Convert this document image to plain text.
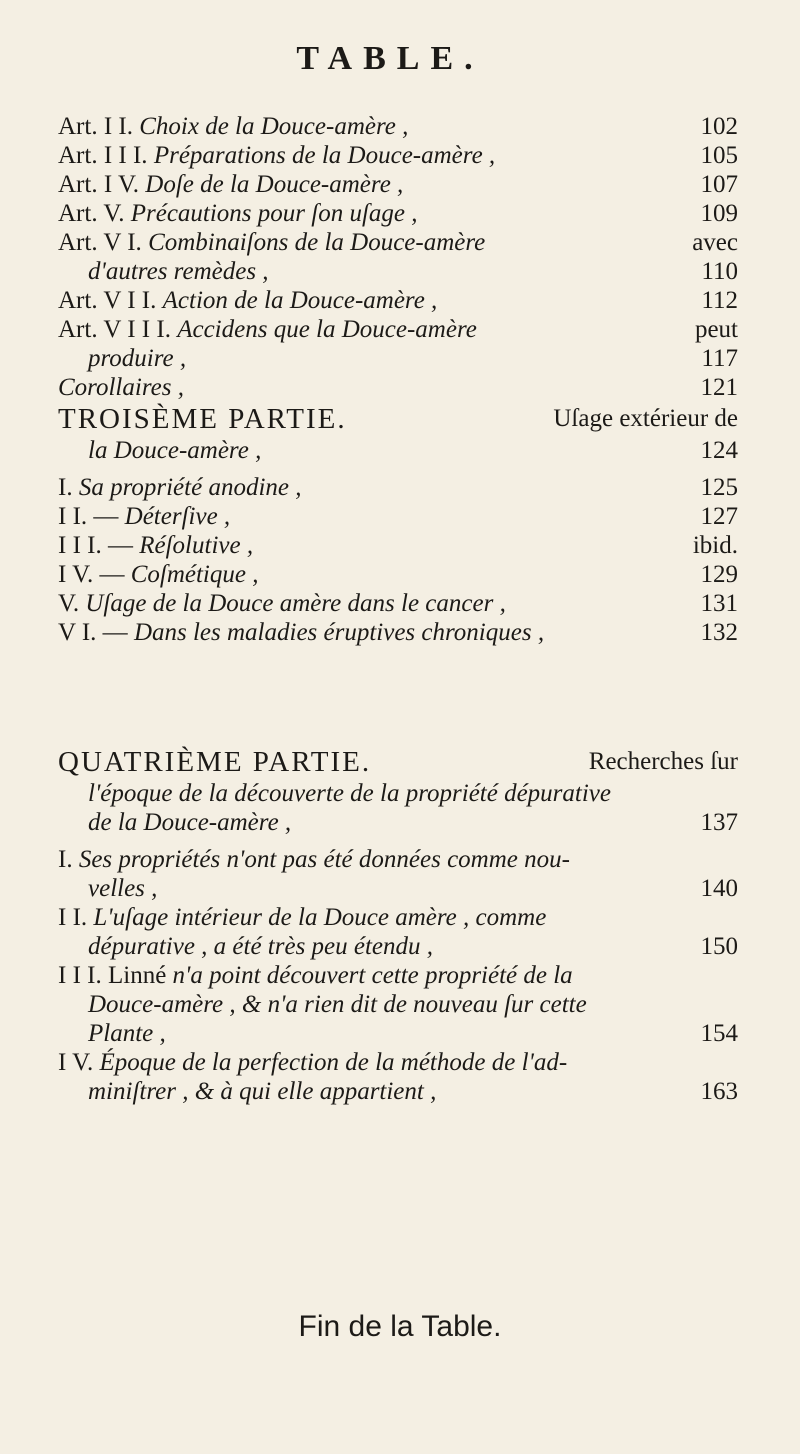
TABLE.
Art. I I. Choix de la Douce-amère ,	102
Art. I I I. Préparations de la Douce-amère ,	105
Art. I V. Doſe de la Douce-amère ,	107
Art. V. Précautions pour ſon uſage ,	109
Art. V I. Combinaiſons de la Douce-amère	avec
d'autres remèdes ,	110
Art. V I I. Action de la Douce-amère ,	112
Art. V I I I. Accidens que la Douce-amère	peut
produire ,	117
Corollaires ,	121
TROISÈME PARTIE.	Uſage extérieur de
la Douce-amère ,	124
I. Sa propriété anodine ,	125
I I. — Déterſive ,	127
I I I. — Réſolutive ,	ibid.
I V. — Coſmétique ,	129
V. Uſage de la Douce amère dans le cancer ,	131
V I. — Dans les maladies éruptives chroniques ,	132
QUATRIÈME PARTIE.	Recherches ſur
l'époque de la découverte de la propriété dépurative
de la Douce-amère ,	137
I. Ses propriétés n'ont pas été données comme nou-
velles ,	140
I I. L'uſage intérieur de la Douce amère , comme
dépurative , a été très peu étendu ,	150
I I I. Linné n'a point découvert cette propriété de la
Douce-amère , & n'a rien dit de nouveau ſur cette
Plante ,	154
I V. Époque de la perfection de la méthode de l'ad-
miniſtrer , & à qui elle appartient ,	163
Fin de la Table.
